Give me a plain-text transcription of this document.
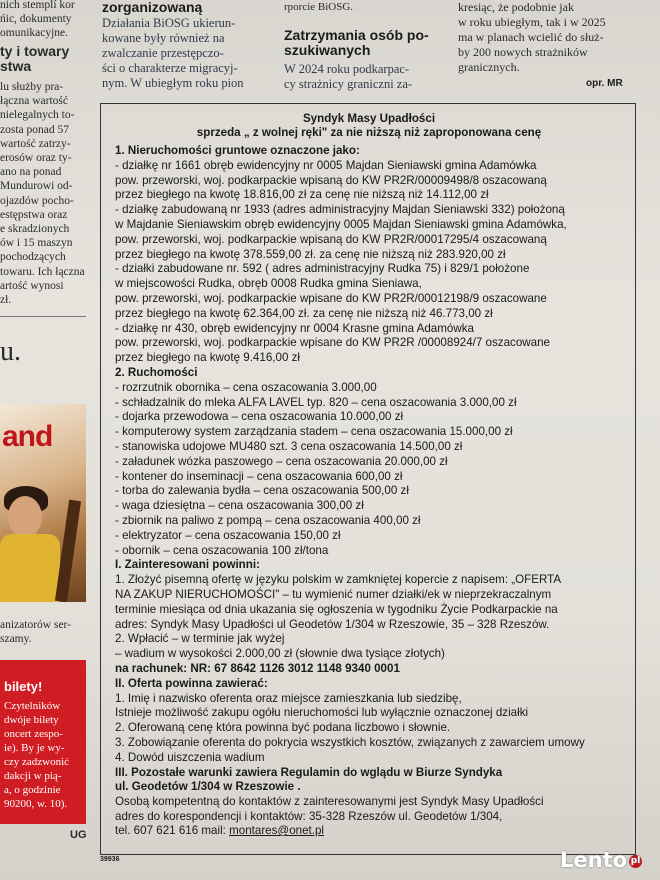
nich stemplí kor
ńic, dokumenty
omunikacyjne.
ty i towary
stwa
lu służby pra-
łączna wartość
nielegalnych to-
zosta ponad 57
wartość zatrzy-
erosów oraz ty-
ano na ponad
Mundurowi od-
ojazdów pocho-
estępstwa oraz
e skradzionych
ów i 15 maszyn
pochodzących
towaru. Ich łączna
artość wynosi
zł.
u.
and
anizatorów ser-
szamy.
bilety!
Czytelników
dwóje bilety
oncert zespo-
ie). By je wy-
czy zadzwonić
dakcji w pią-
a, o godzinie
90200, w. 10).
UG
zorganizowaną
Działania BiOSG ukierun-
kowane były również na
zwalczanie przestępczo-
ści o charakterze migracyj-
nym. W ubiegłym roku pion
rporcie BiOSG.
Zatrzymania osób po-
szukiwanych
W 2024 roku podkarpac-
cy strażnicy graniczni za-
kresiąc, że podobnie jak
w roku ubiegłym, tak i w 2025
ma w planach wcielić do służ-
by 200 nowych strażników
granicznych.
opr. MR
Syndyk Masy Upadłości
sprzeda „ z wolnej ręki" za nie niższą niż zaproponowana cenę
1. Nieruchomości gruntowe oznaczone jako:
- działkę nr 1661 obręb ewidencyjny nr 0005 Majdan Sieniawski gmina Adamówka
pow. przeworski, woj. podkarpackie wpisaną do KW PR2R/00009498/8 oszacowaną
przez biegłego na kwotę 18.816,00 zł za cenę nie niższą niż 14.112,00 zł
- działkę zabudowaną nr 1933 (adres administracyjny Majdan Sieniawski 332) położoną
w Majdanie Sieniawskim obręb ewidencyjny 0005 Majdan Sieniawski gmina Adamówka,
pow. przeworski, woj. podkarpackie wpisaną do KW PR2R/00017295/4 oszacowaną
przez biegłego na kwotę 378.559,00 zł. za cenę nie niższą niż 283.920,00 zł
- działki zabudowane nr. 592 ( adres administracyjny Rudka 75) i 829/1 położone
w miejscowości Rudka, obręb 0008 Rudka gmina Sieniawa,
pow. przeworski, woj. podkarpackie wpisane do KW PR2R/00012198/9 oszacowane
przez biegłego na kwotę 62.364,00 zł. za cenę nie niższą niż 46.773,00 zł
- działkę nr 430, obręb ewidencyjny nr 0004 Krasne gmina Adamówka
pow. przeworski, woj. podkarpackie wpisane do KW PR2R /00008924/7 oszacowane
przez biegłego na kwotę 9.416,00 zł
2. Ruchomości
- rozrzutnik obornika – cena oszacowania 3.000,00
- schładzalnik do mleka ALFA LAVEL typ. 820 – cena oszacowania 3.000,00 zł
- dojarka przewodowa – cena oszacowania 10.000,00 zł
- komputerowy system zarządzania stadem – cena oszacowania 15.000,00 zł
- stanowiska udojowe MU480 szt. 3 cena oszacowania 14.500,00 zł
- załadunek wózka paszowego – cena oszacowania 20.000,00 zł
- kontener do inseminacji – cena oszacowania 600,00 zł
- torba do zalewania bydła – cena oszacowania 500,00 zł
- waga dziesiętna – cena oszacowania 300,00 zł
- zbiornik na paliwo z pompą – cena oszacowania 400,00 zł
- elektryzator – cena oszacowania 150,00 zł
- obornik – cena oszacowania 100 zł/tona
I. Zainteresowani powinni:
1. Złożyć pisemną ofertę w języku polskim w zamkniętej kopercie z napisem: „OFERTA
NA ZAKUP NIERUCHOMOŚCI" – tu wymienić numer działki/ek w nieprzekraczalnym
terminie miesiąca od dnia ukazania się ogłoszenia w tygodniku Życie Podkarpackie na
adres: Syndyk Masy Upadłości ul Geodetów 1/304 w Rzeszowie, 35 – 328 Rzeszów.
2. Wpłacić – w terminie jak wyżej
– wadium w wysokości 2.000,00 zł (słownie dwa tysiące złotych)
na rachunek: NR: 67 8642 1126 3012 1148 9340 0001
II. Oferta powinna zawierać:
1. Imię i nazwisko oferenta oraz miejsce zamieszkania lub siedzibę,
Istnieje możliwość zakupu ogółu nieruchomości lub wyłącznie oznaczonej działki
2. Oferowaną cenę która powinna być podana liczbowo i słownie.
3. Zobowiązanie oferenta do pokrycia wszystkich kosztów, związanych z zawarciem umowy
4. Dowód uiszczenia wadium
III. Pozostałe warunki zawiera Regulamin do wglądu w Biurze Syndyka
ul. Geodetów 1/304 w Rzeszowie .
Osobą kompetentną do kontaktów z zainteresowanymi jest Syndyk Masy Upadłości
adres do korespondencji i kontaktów: 35-328 Rzeszów ul. Geodetów 1/304,
tel. 607 621 616 mail: montares@onet.pl
39936	Lento pl
